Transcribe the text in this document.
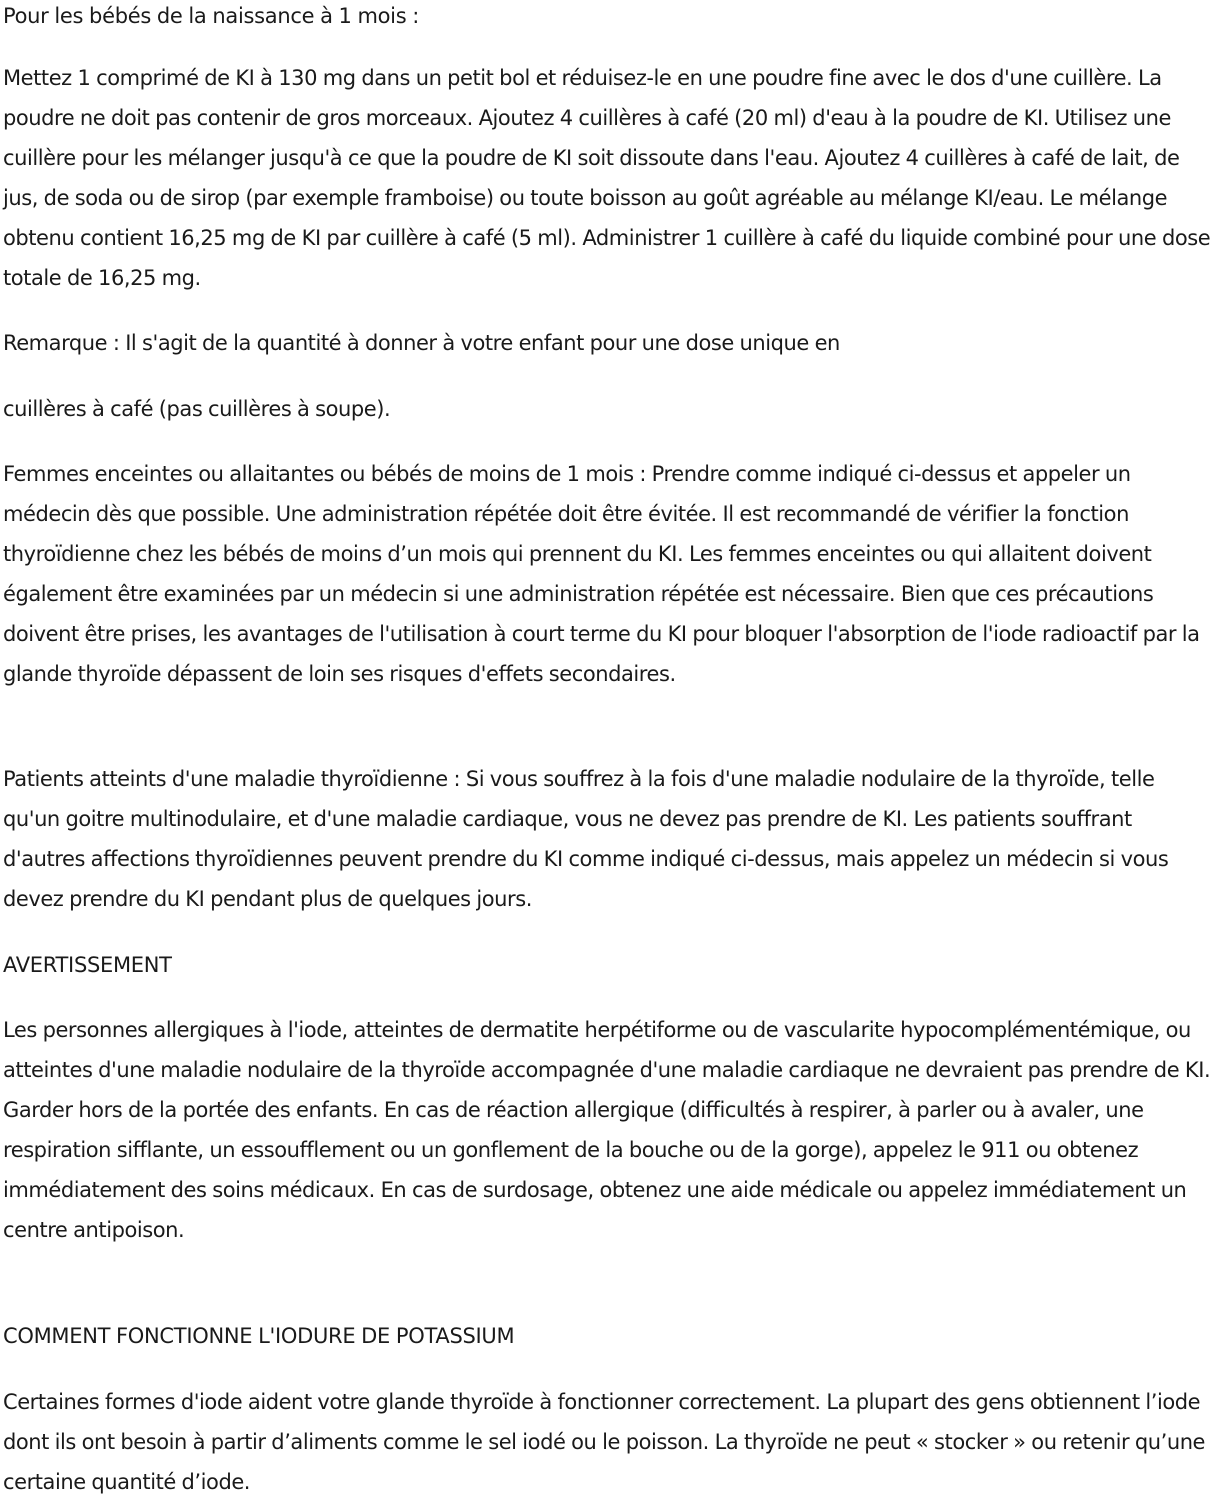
Pour les bébés de la naissance à 1 mois :

Mettez 1 comprimé de KI à 130 mg dans un petit bol et réduisez-le en une poudre fine avec le dos d'une cuillère. La poudre ne doit pas contenir de gros morceaux. Ajoutez 4 cuillères à café (20 ml) d'eau à la poudre de KI. Utilisez une cuillère pour les mélanger jusqu'à ce que la poudre de KI soit dissoute dans l'eau. Ajoutez 4 cuillères à café de lait, de jus, de soda ou de sirop (par exemple framboise) ou toute boisson au goût agréable au mélange KI/eau. Le mélange obtenu contient 16,25 mg de KI par cuillère à café (5 ml). Administrer 1 cuillère à café du liquide combiné pour une dose totale de 16,25 mg.

Remarque : Il s'agit de la quantité à donner à votre enfant pour une dose unique en

cuillères à café (pas cuillères à soupe).

Femmes enceintes ou allaitantes ou bébés de moins de 1 mois : Prendre comme indiqué ci-dessus et appeler un médecin dès que possible. Une administration répétée doit être évitée. Il est recommandé de vérifier la fonction thyroïdienne chez les bébés de moins d’un mois qui prennent du KI. Les femmes enceintes ou qui allaitent doivent également être examinées par un médecin si une administration répétée est nécessaire. Bien que ces précautions doivent être prises, les avantages de l'utilisation à court terme du KI pour bloquer l'absorption de l'iode radioactif par la glande thyroïde dépassent de loin ses risques d'effets secondaires.

Patients atteints d'une maladie thyroïdienne : Si vous souffrez à la fois d'une maladie nodulaire de la thyroïde, telle qu'un goitre multinodulaire, et d'une maladie cardiaque, vous ne devez pas prendre de KI. Les patients souffrant d'autres affections thyroïdiennes peuvent prendre du KI comme indiqué ci-dessus, mais appelez un médecin si vous devez prendre du KI pendant plus de quelques jours.

AVERTISSEMENT

Les personnes allergiques à l'iode, atteintes de dermatite herpétiforme ou de vascularite hypocomplémentémique, ou atteintes d'une maladie nodulaire de la thyroïde accompagnée d'une maladie cardiaque ne devraient pas prendre de KI. Garder hors de la portée des enfants. En cas de réaction allergique (difficultés à respirer, à parler ou à avaler, une respiration sifflante, un essoufflement ou un gonflement de la bouche ou de la gorge), appelez le 911 ou obtenez immédiatement des soins médicaux. En cas de surdosage, obtenez une aide médicale ou appelez immédiatement un centre antipoison.

COMMENT FONCTIONNE L'IODURE DE POTASSIUM

Certaines formes d'iode aident votre glande thyroïde à fonctionner correctement. La plupart des gens obtiennent l’iode dont ils ont besoin à partir d’aliments comme le sel iodé ou le poisson. La thyroïde ne peut « stocker » ou retenir qu’une certaine quantité d’iode.
